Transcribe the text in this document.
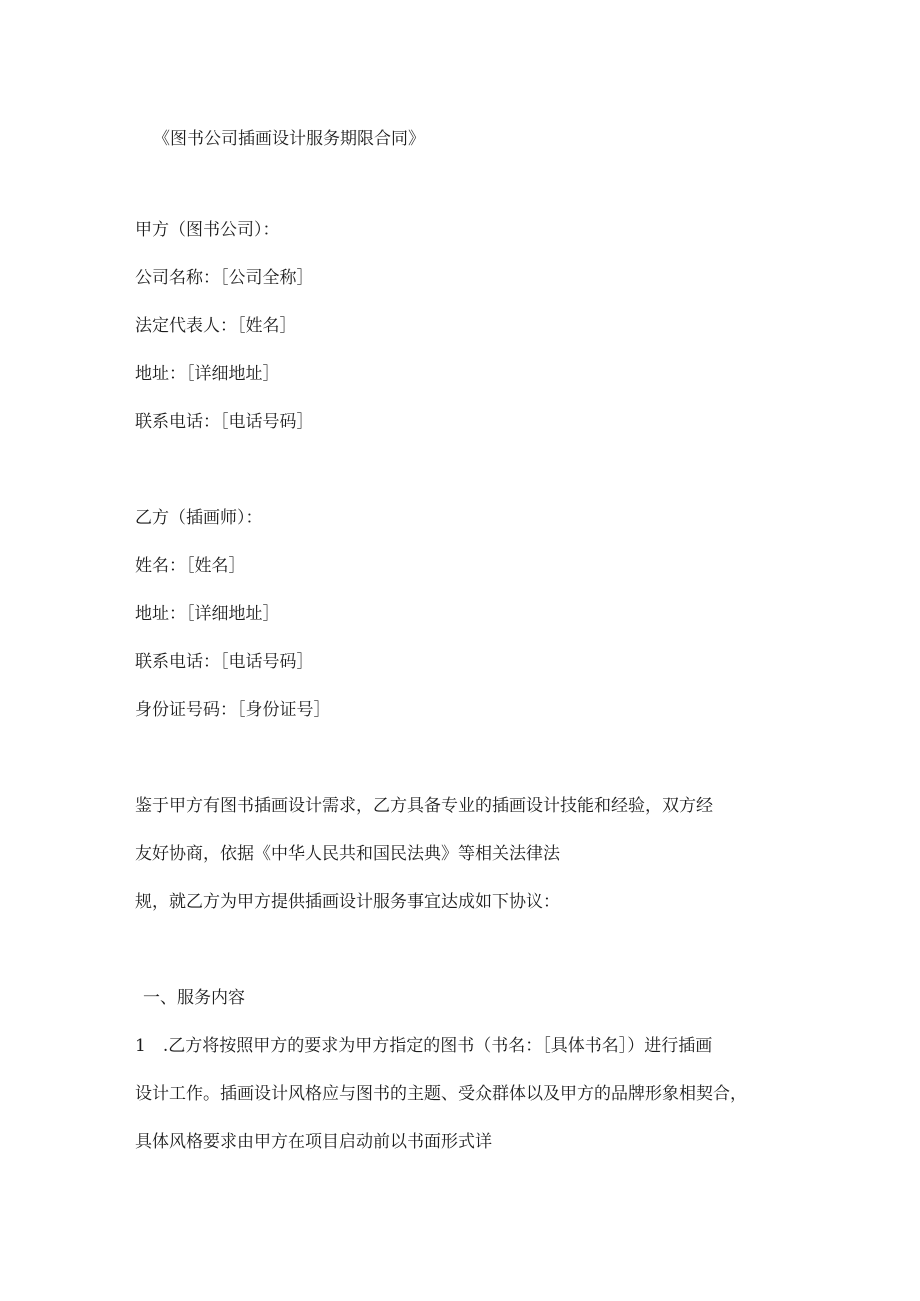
《图书公司插画设计服务期限合同》
甲方（图书公司）：
公司名称：［公司全称］
法定代表人：［姓名］
地址：［详细地址］
联系电话：［电话号码］
乙方（插画师）：
姓名：［姓名］
地址：［详细地址］
联系电话：［电话号码］
身份证号码：［身份证号］
鉴于甲方有图书插画设计需求，乙方具备专业的插画设计技能和经验，双方经
友好协商，依据《中华人民共和国民法典》等相关法律法
规，就乙方为甲方提供插画设计服务事宜达成如下协议：
一、服务内容
1　.乙方将按照甲方的要求为甲方指定的图书（书名：［具体书名］）进行插画
设计工作。插画设计风格应与图书的主题、受众群体以及甲方的品牌形象相契合，
具体风格要求由甲方在项目启动前以书面形式详
